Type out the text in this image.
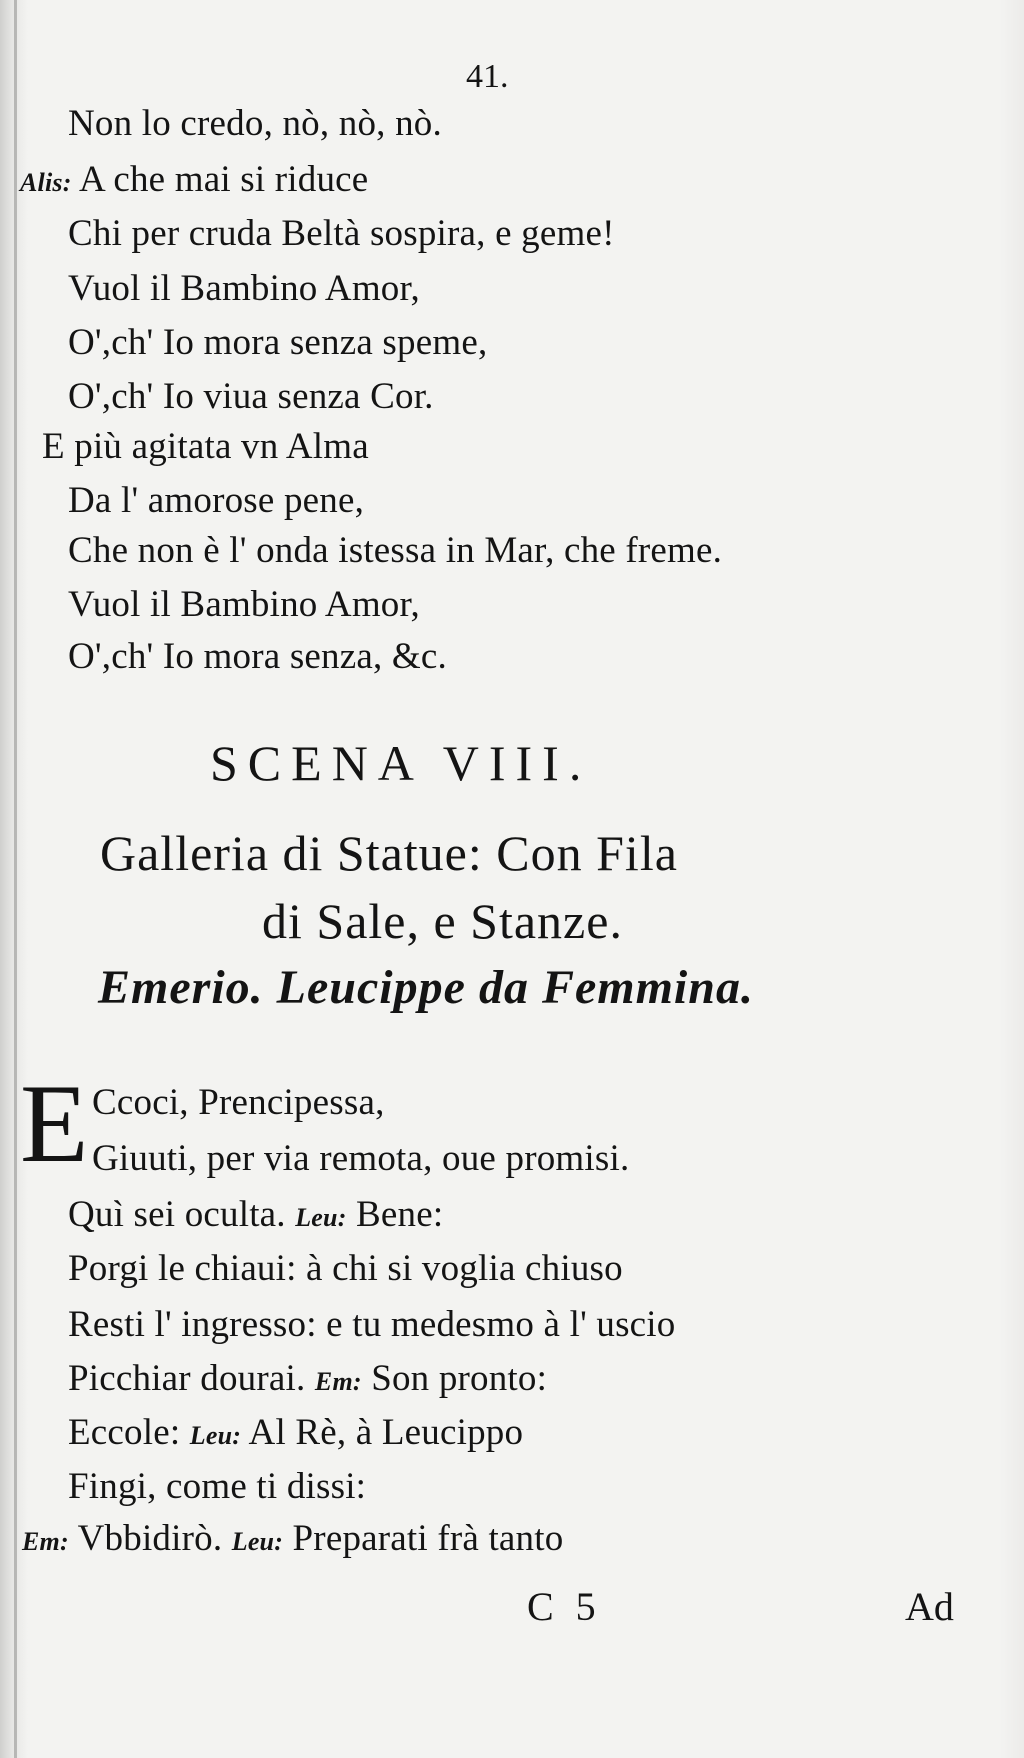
41.
Non lo credo, nò, nò, nò.
Alis: A che mai si riduce
Chi per cruda Beltà sospira, e geme!
Vuol il Bambino Amor,
O',ch' Io mora senza speme,
O',ch' Io viua senza Cor.
E più agitata vn Alma
Da l' amorose pene,
Che non è l' onda istessa in Mar, che freme.
Vuol il Bambino Amor,
O',ch' Io mora senza, &c.
SCENA VIII.
Galleria di Statue: Con Fila
di Sale, e Stanze.
Emerio. Leucippe da Femmina.
E Ccoci, Prencipessa,
Giuuti, per via remota, oue promisi.
Quì sei oculta. Leu: Bene:
Porgi le chiaui: à chi si voglia chiuso
Resti l' ingresso: e tu medesmo à l' uscio
Picchiar dourai. Em: Son pronto:
Eccole: Leu: Al Rè, à Leucippo
Fingi, come ti dissi:
Em: Vbbidirò. Leu: Preparati frà tanto
C 5	Ad
